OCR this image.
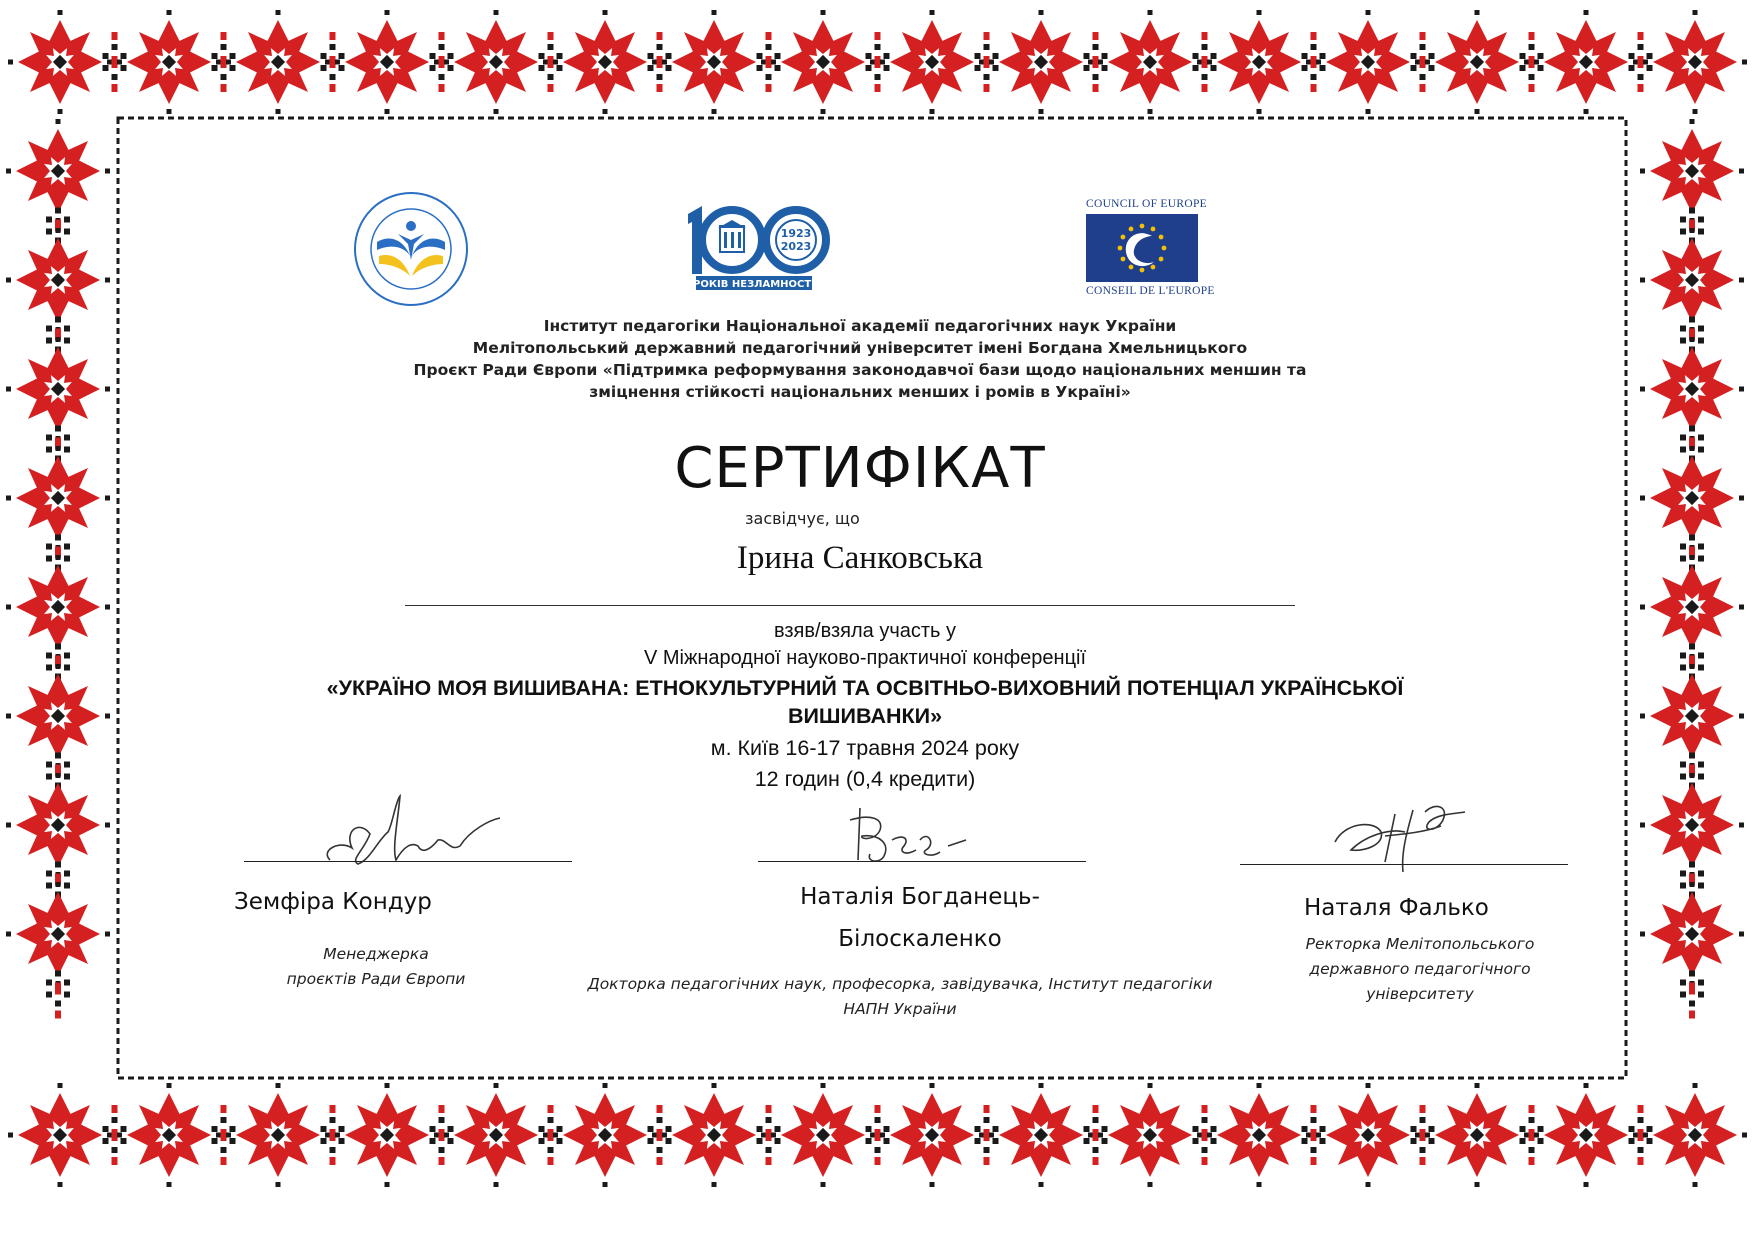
1923
2023
РОКІВ НЕЗЛАМНОСТІ
COUNCIL OF EUROPE
CONSEIL DE L'EUROPE
Інститут педагогіки Національної академії педагогічних наук України
Мелітопольський державний педагогічний університет імені Богдана Хмельницького
Проєкт Ради Європи «Підтримка реформування законодавчої бази щодо національних меншин та
зміцнення стійкості національних менших і ромів в Україні»
СЕРТИФІКАТ
засвідчує, що
Ірина Санковська
взяв/взяла участь у
V Міжнародної науково-практичної конференції
«УКРАЇНО МОЯ ВИШИВАНА: ЕТНОКУЛЬТУРНИЙ ТА ОСВІТНЬО-ВИХОВНИЙ ПОТЕНЦІАЛ УКРАЇНСЬКОЇ
ВИШИВАНКИ»
м. Київ 16-17 травня 2024 року
12 годин (0,4 кредити)
Земфіра Кондур	Наталія Богданець-
Білоскаленко
Наталя Фалько
Менеджерка
проєктів Ради Європи	Докторка педагогічних наук, професорка, завідувачка, Інститут педагогіки
НАПН України
Ректорка Мелітопольського
державного педагогічного
університету
